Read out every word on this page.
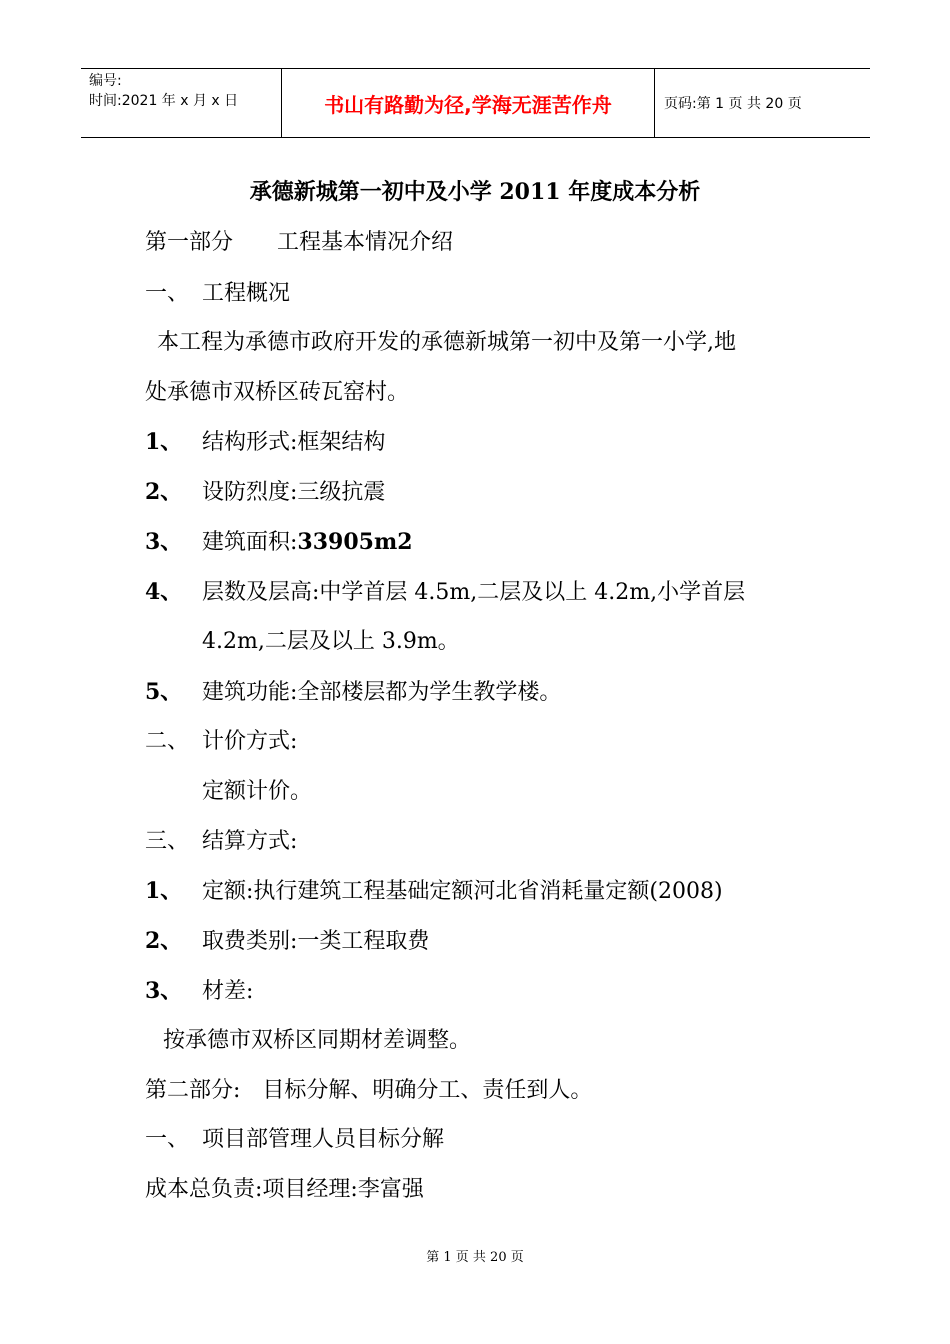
编号:
时间:2021 年 x 月 x 日	书山有路勤为径,学海无涯苦作舟	页码:第 1 页 共 20 页
承德新城第一初中及小学 2011 年度成本分析
第一部分 工程基本情况介绍
一、 工程概况
本工程为承德市政府开发的承德新城第一初中及第一小学,地
处承德市双桥区砖瓦窑村。
1、 结构形式:框架结构
2、 设防烈度:三级抗震
3、 建筑面积:33905m2
4、 层数及层高:中学首层 4.5m,二层及以上 4.2m,小学首层
4.2m,二层及以上 3.9m。
5、 建筑功能:全部楼层都为学生教学楼。
二、 计价方式:
定额计价。
三、 结算方式:
1、 定额:执行建筑工程基础定额河北省消耗量定额(2008)
2、 取费类别:一类工程取费
3、 材差:
按承德市双桥区同期材差调整。
第二部分: 目标分解、明确分工、责任到人。
一、 项目部管理人员目标分解
成本总负责:项目经理:李富强
第 1 页 共 20 页
